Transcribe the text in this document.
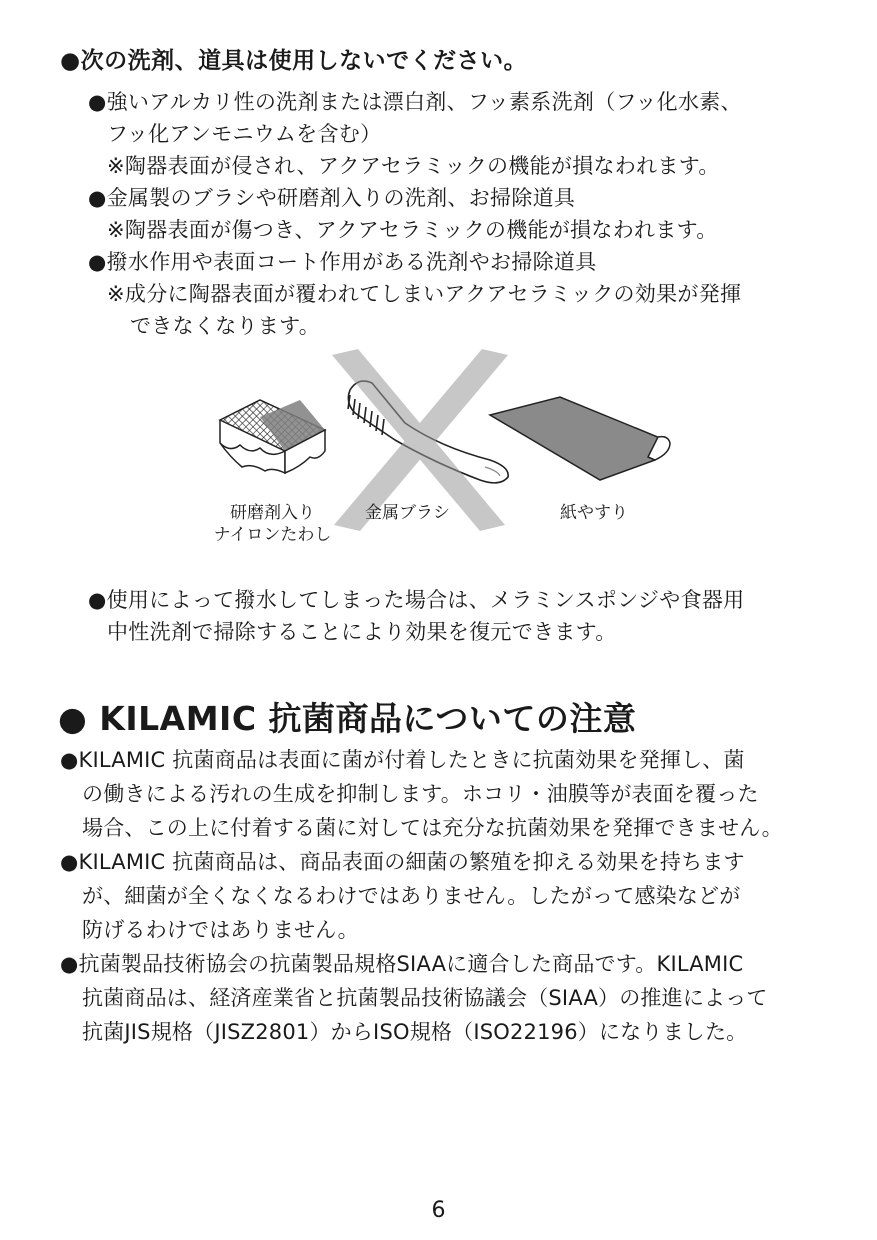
●次の洗剤、道具は使用しないでください。
●強いアルカリ性の洗剤または漂白剤、フッ素系洗剤（フッ化水素、
フッ化アンモニウムを含む）
※陶器表面が侵され、アクアセラミックの機能が損なわれます。
●金属製のブラシや研磨剤入りの洗剤、お掃除道具
※陶器表面が傷つき、アクアセラミックの機能が損なわれます。
●撥水作用や表面コート作用がある洗剤やお掃除道具
※成分に陶器表面が覆われてしまいアクアセラミックの効果が発揮
できなくなります。
研磨剤入り
ナイロンたわし
金属ブラシ	紙やすり
●使用によって撥水してしまった場合は、メラミンスポンジや食器用
中性洗剤で掃除することにより効果を復元できます。
● KILAMIC 抗菌商品についての注意
●KILAMIC 抗菌商品は表面に菌が付着したときに抗菌効果を発揮し、菌
の働きによる汚れの生成を抑制します。ホコリ・油膜等が表面を覆った
場合、この上に付着する菌に対しては充分な抗菌効果を発揮できません。
●KILAMIC 抗菌商品は、商品表面の細菌の繁殖を抑える効果を持ちます
が、細菌が全くなくなるわけではありません。したがって感染などが
防げるわけではありません。
●抗菌製品技術協会の抗菌製品規格SIAAに適合した商品です。KILAMIC
抗菌商品は、経済産業省と抗菌製品技術協議会（SIAA）の推進によって
抗菌JIS規格（JISZ2801）からISO規格（ISO22196）になりました。
6
